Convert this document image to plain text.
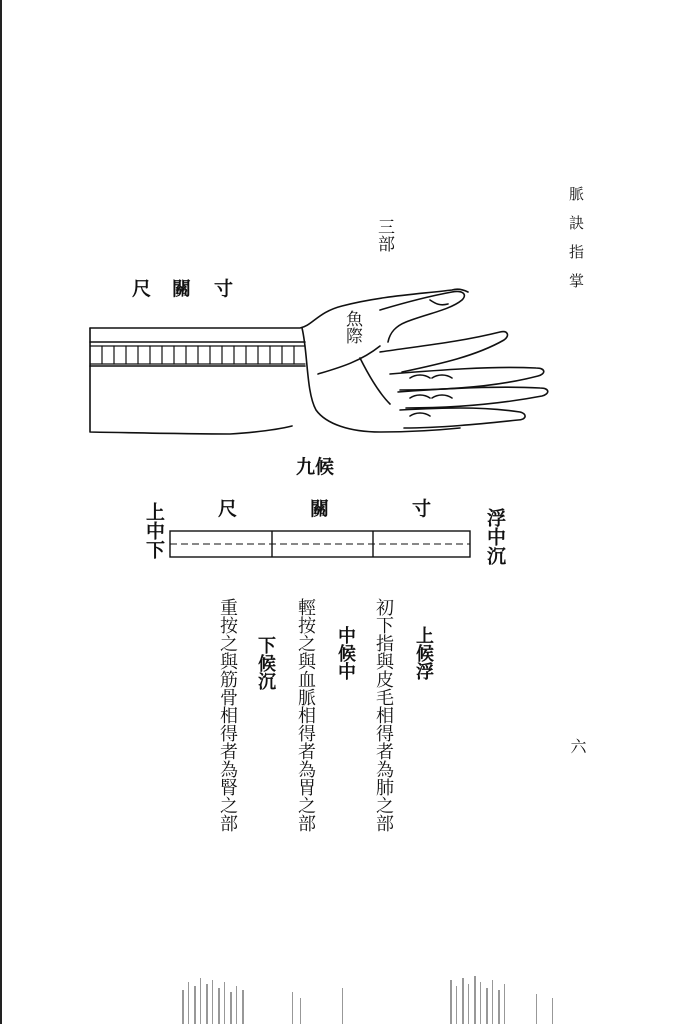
脈訣指掌
六
三部
尺 關 寸
魚際
九候
尺	關	寸
上中下	浮中沉
上候浮
初下指與皮毛相得者為肺之部
中候中
輕按之與血脈相得者為胃之部
下候沉
重按之與筋骨相得者為腎之部
